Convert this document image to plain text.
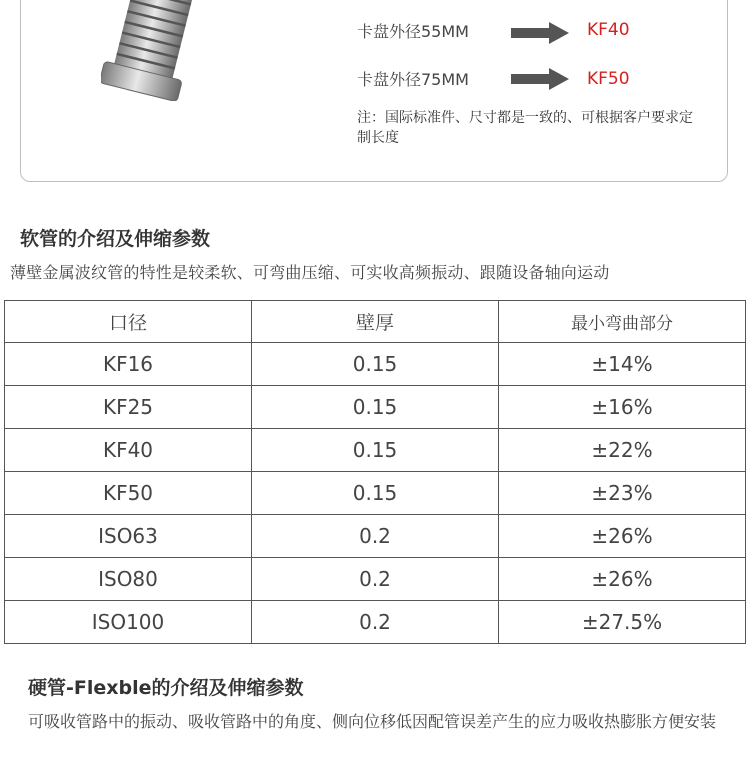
卡盘外径55MM	KF40
卡盘外径75MM	KF50
注：国际标准件、尺寸都是一致的、可根据客户要求定制长度
软管的介绍及伸缩参数
薄壁金属波纹管的特性是较柔软、可弯曲压缩、可实收高频振动、跟随设备轴向运动
口径	壁厚	最小弯曲部分
KF16	0.15	±14%
KF25	0.15	±16%
KF40	0.15	±22%
KF50	0.15	±23%
ISO63	0.2	±26%
ISO80	0.2	±26%
ISO100	0.2	±27.5%
硬管-Flexble的介绍及伸缩参数
可吸收管路中的振动、吸收管路中的角度、侧向位移低因配管误差产生的应力吸收热膨胀方便安装
